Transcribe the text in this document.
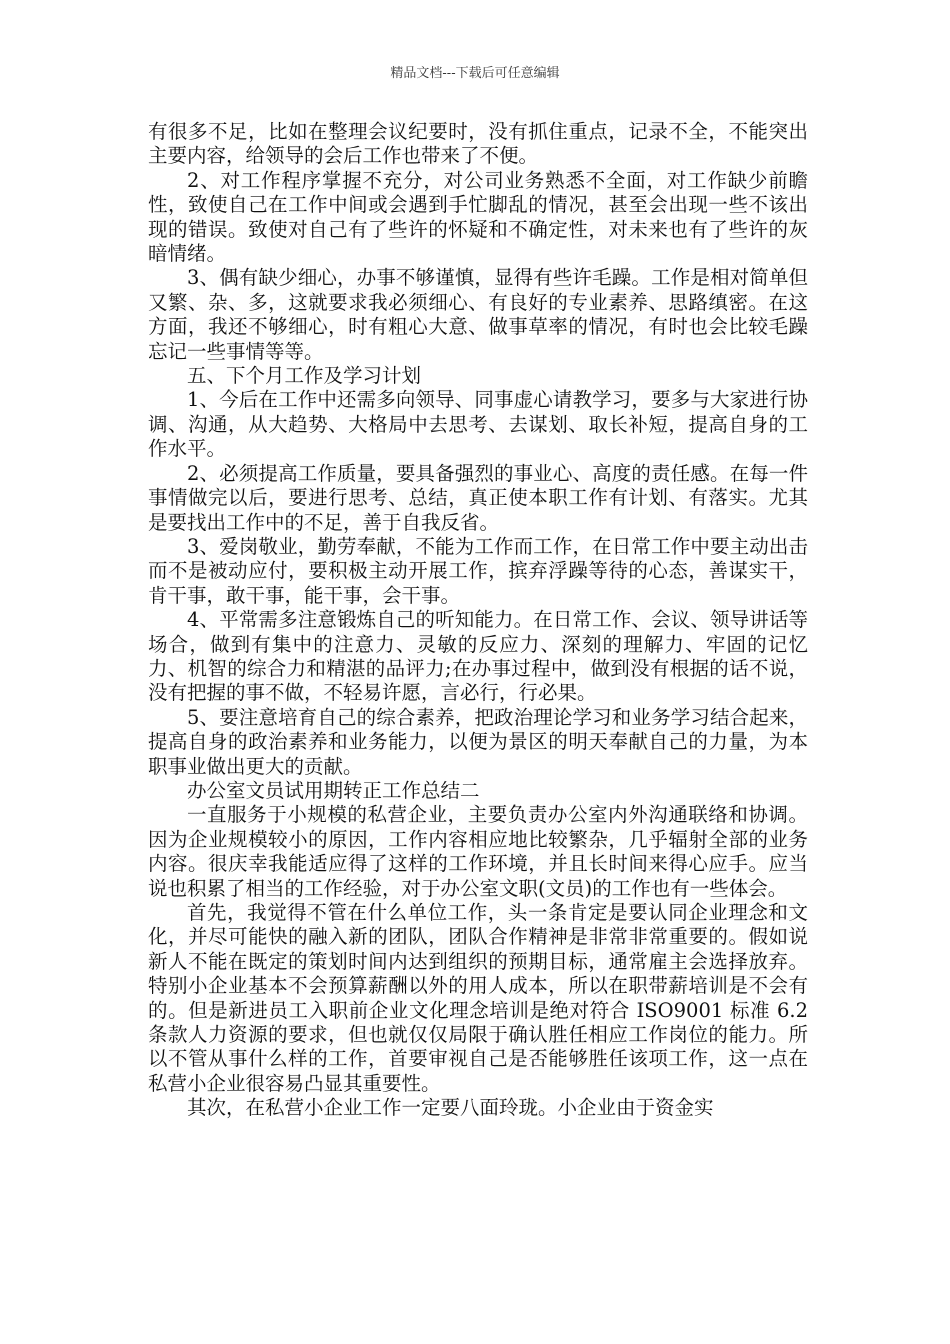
精品文档---下载后可任意编辑

有很多不足，比如在整理会议纪要时，没有抓住重点，记录不全，不能突出主要内容，给领导的会后工作也带来了不便。

2、对工作程序掌握不充分，对公司业务熟悉不全面，对工作缺少前瞻性，致使自己在工作中间或会遇到手忙脚乱的情况，甚至会出现一些不该出现的错误。致使对自己有了些许的怀疑和不确定性，对未来也有了些许的灰暗情绪。

3、偶有缺少细心，办事不够谨慎，显得有些许毛躁。工作是相对简单但又繁、杂、多，这就要求我必须细心、有良好的专业素养、思路缜密。在这方面，我还不够细心，时有粗心大意、做事草率的情况，有时也会比较毛躁忘记一些事情等等。

五、下个月工作及学习计划

1、今后在工作中还需多向领导、同事虚心请教学习，要多与大家进行协调、沟通，从大趋势、大格局中去思考、去谋划、取长补短，提高自身的工作水平。

2、必须提高工作质量，要具备强烈的事业心、高度的责任感。在每一件事情做完以后，要进行思考、总结，真正使本职工作有计划、有落实。尤其是要找出工作中的不足，善于自我反省。

3、爱岗敬业，勤劳奉献，不能为工作而工作，在日常工作中要主动出击而不是被动应付，要积极主动开展工作，摈弃浮躁等待的心态，善谋实干，肯干事，敢干事，能干事，会干事。

4、平常需多注意锻炼自己的听知能力。在日常工作、会议、领导讲话等场合，做到有集中的注意力、灵敏的反应力、深刻的理解力、牢固的记忆力、机智的综合力和精湛的品评力;在办事过程中，做到没有根据的话不说，没有把握的事不做，不轻易许愿，言必行，行必果。

5、要注意培育自己的综合素养，把政治理论学习和业务学习结合起来，提高自身的政治素养和业务能力，以便为景区的明天奉献自己的力量，为本职事业做出更大的贡献。

办公室文员试用期转正工作总结二

一直服务于小规模的私营企业，主要负责办公室内外沟通联络和协调。因为企业规模较小的原因，工作内容相应地比较繁杂，几乎辐射全部的业务内容。很庆幸我能适应得了这样的工作环境，并且长时间来得心应手。应当说也积累了相当的工作经验，对于办公室文职(文员)的工作也有一些体会。

首先，我觉得不管在什么单位工作，头一条肯定是要认同企业理念和文化，并尽可能快的融入新的团队，团队合作精神是非常非常重要的。假如说新人不能在既定的策划时间内达到组织的预期目标，通常雇主会选择放弃。特别小企业基本不会预算薪酬以外的用人成本，所以在职带薪培训是不会有的。但是新进员工入职前企业文化理念培训是绝对符合 ISO9001 标准 6.2 条款人力资源的要求，但也就仅仅局限于确认胜任相应工作岗位的能力。所以不管从事什么样的工作，首要审视自己是否能够胜任该项工作，这一点在私营小企业很容易凸显其重要性。

其次，在私营小企业工作一定要八面玲珑。小企业由于资金实
